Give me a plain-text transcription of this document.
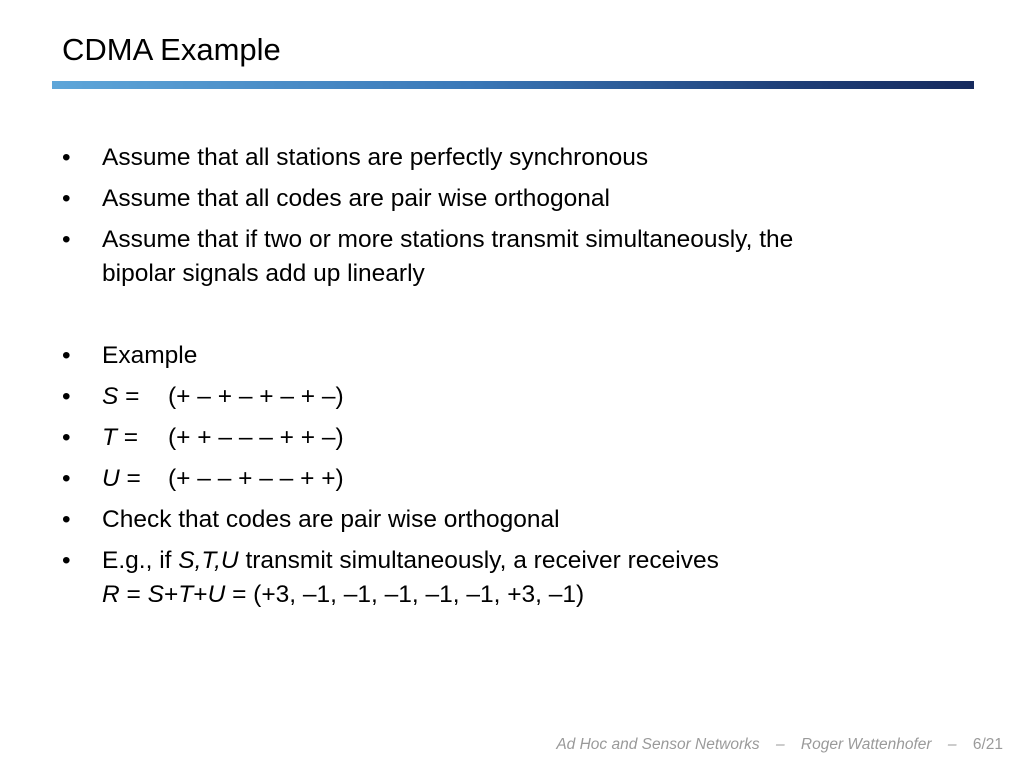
CDMA Example
• Assume that all stations are perfectly synchronous
• Assume that all codes are pair wise orthogonal
• Assume that if two or more stations transmit simultaneously, the
bipolar signals add up linearly
• Example
• S = (+ – + – + – + –)
• T = (+ + – – – + + –)
• U = (+ – – + – – + +)
• Check that codes are pair wise orthogonal
• E.g., if S,T,U transmit simultaneously, a receiver receives
R = S+T+U = (+3, –1, –1, –1, –1, –1, +3, –1)
Ad Hoc and Sensor Networks – Roger Wattenhofer – 6/21
